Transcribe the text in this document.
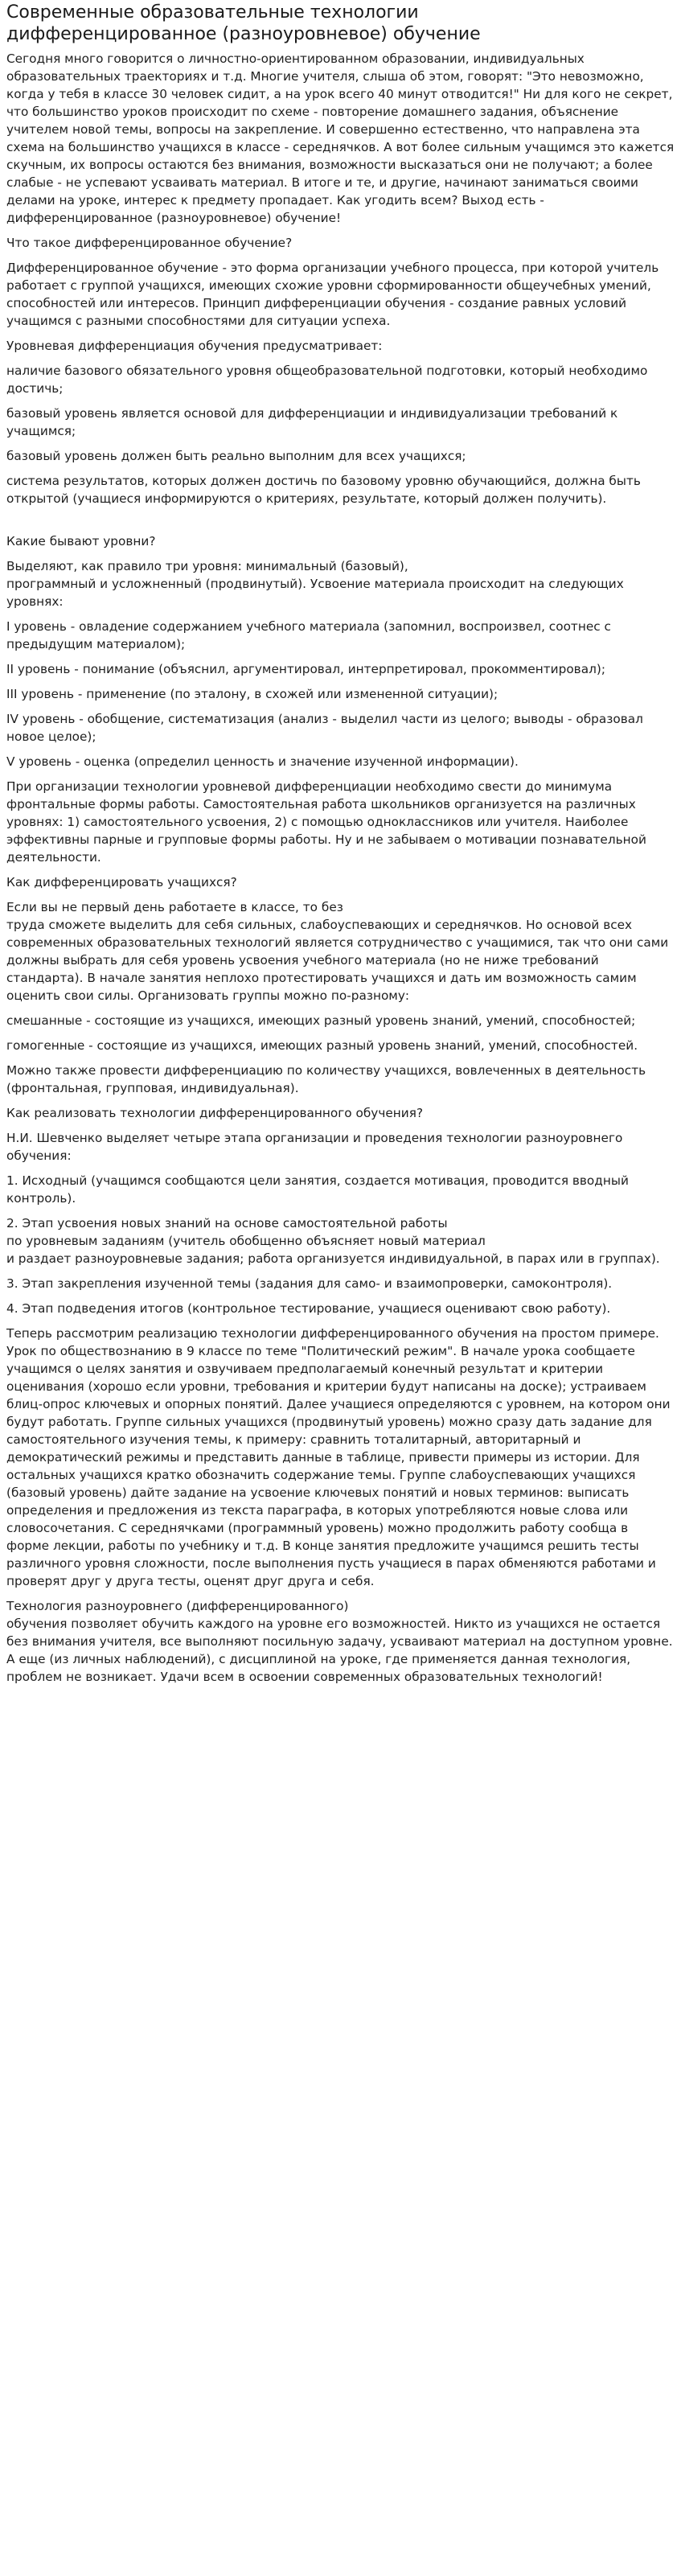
Современные образовательные технологии
дифференцированное (разноуровневое) обучение

Сегодня много говорится о личностно-ориентированном образовании, индивидуальных образовательных траекториях и т.д. Многие учителя, слыша об этом, говорят: "Это невозможно, когда у тебя в классе 30 человек сидит, а на урок всего 40 минут отводится!" Ни для кого не секрет, что большинство уроков происходит по схеме - повторение домашнего задания, объяснение учителем новой темы, вопросы на закрепление. И совершенно естественно, что направлена эта схема на большинство учащихся в классе - середнячков. А вот более сильным учащимся это кажется скучным, их вопросы остаются без внимания, возможности высказаться они не получают; а более слабые - не успевают усваивать материал. В итоге и те, и другие, начинают заниматься своими делами на уроке, интерес к предмету пропадает. Как угодить всем? Выход есть - дифференцированное (разноуровневое) обучение!

Что такое дифференцированное обучение?

Дифференцированное обучение - это форма организации учебного процесса, при которой учитель работает с группой учащихся, имеющих схожие уровни сформированности общеучебных умений, способностей или интересов. Принцип дифференциации обучения - создание равных условий учащимся с разными способностями для ситуации успеха.

Уровневая дифференциация обучения предусматривает:

наличие базового обязательного уровня общеобразовательной подготовки, который необходимо достичь;

базовый уровень является основой для дифференциации и индивидуализации требований к учащимся;

базовый уровень должен быть реально выполним для всех учащихся;

система результатов, которых должен достичь по базовому уровню обучающийся, должна быть открытой (учащиеся информируются о критериях, результате, который должен получить).

Какие бывают уровни?

Выделяют, как правило три уровня: минимальный (базовый),
программный и усложненный (продвинутый). Усвоение материала происходит на следующих уровнях:

I уровень - овладение содержанием учебного материала (запомнил, воспроизвел, соотнес с предыдущим материалом);

II уровень - понимание (объяснил, аргументировал, интерпретировал, прокомментировал);

III уровень - применение (по эталону, в схожей или измененной ситуации);

IV уровень - обобщение, систематизация (анализ - выделил части из целого; выводы - образовал новое целое);

V уровень - оценка (определил ценность и значение изученной информации).

При организации технологии уровневой дифференциации необходимо свести до минимума фронтальные формы работы. Самостоятельная работа школьников организуется на различных уровнях: 1) самостоятельного усвоения, 2) с помощью одноклассников или учителя. Наиболее эффективны парные и групповые формы работы. Ну и не забываем о мотивации познавательной деятельности.

Как дифференцировать учащихся?

Если вы не первый день работаете в классе, то без
труда сможете выделить для себя сильных, слабоуспевающих и середнячков. Но основой всех современных образовательных технологий является сотрудничество с учащимися, так что они сами должны выбрать для себя уровень усвоения учебного материала (но не ниже требований стандарта). В начале занятия неплохо протестировать учащихся и дать им возможность самим оценить свои силы. Организовать группы можно по-разному:

смешанные - состоящие из учащихся, имеющих разный уровень знаний, умений, способностей;

гомогенные - состоящие из учащихся, имеющих разный уровень знаний, умений, способностей.

Можно также провести дифференциацию по количеству учащихся, вовлеченных в деятельность (фронтальная, групповая, индивидуальная).

Как реализовать технологии дифференцированного обучения?

Н.И. Шевченко выделяет четыре этапа организации и проведения технологии разноуровнего обучения:

1. Исходный (учащимся сообщаются цели занятия, создается мотивация, проводится вводный контроль).

2. Этап усвоения новых знаний на основе самостоятельной работы
по уровневым заданиям (учитель обобщенно объясняет новый материал
и раздает разноуровневые задания; работа организуется индивидуальной, в парах или в группах).

3. Этап закрепления изученной темы (задания для само- и взаимопроверки, самоконтроля).

4. Этап подведения итогов (контрольное тестирование, учащиеся оценивают свою работу).

Теперь рассмотрим реализацию технологии дифференцированного обучения на простом примере. Урок по обществознанию в 9 классе по теме "Политический режим". В начале урока сообщаете учащимся о целях занятия и озвучиваем предполагаемый конечный результат и критерии оценивания (хорошо если уровни, требования и критерии будут написаны на доске); устраиваем блиц-опрос ключевых и опорных понятий. Далее учащиеся определяются с уровнем, на котором они будут работать. Группе сильных учащихся (продвинутый уровень) можно сразу дать задание для самостоятельного изучения темы, к примеру: сравнить тоталитарный, авторитарный и демократический режимы и представить данные в таблице, привести примеры из истории. Для остальных учащихся кратко обозначить содержание темы. Группе слабоуспевающих учащихся (базовый уровень) дайте задание на усвоение ключевых понятий и новых терминов: выписать определения и предложения из текста параграфа, в которых употребляются новые слова или словосочетания. С середнячками (программный уровень) можно продолжить работу сообща в форме лекции, работы по учебнику и т.д. В конце занятия предложите учащимся решить тесты различного уровня сложности, после выполнения пусть учащиеся в парах обменяются работами и проверят друг у друга тесты, оценят друг друга и себя.

Технология разноуровнего (дифференцированного)
обучения позволяет обучить каждого на уровне его возможностей. Никто из учащихся не остается без внимания учителя, все выполняют посильную задачу, усваивают материал на доступном уровне. А еще (из личных наблюдений), с дисциплиной на уроке, где применяется данная технология, проблем не возникает. Удачи всем в освоении современных образовательных технологий!
